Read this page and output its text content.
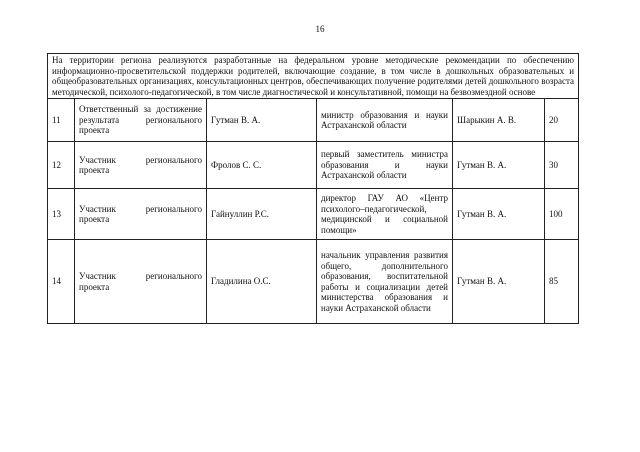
16
На территории региона реализуются разработанные на федеральном уровне методические рекомендации по обеспечению информационно-просветительской поддержки родителей, включающие создание, в том числе в дошкольных образовательных и общеобразовательных организациях, консультационных центров, обеспечивающих получение родителями детей дошкольного возраста методической, психолого-педагогической, в том числе диагностической и консультативной, помощи на безвозмездной основе					
11	Ответственный за достижение результата регионального проекта	Гутман В. А.	министр образования и науки Астраханской области	Шарыкин А. В.	20
12	Участник регионального проекта	Фролов С. С.	первый заместитель министра образования и науки Астраханской области	Гутман В. А.	30
13	Участник регионального проекта	Гайнуллин Р.С.	директор ГАУ АО «Центр психолого–педагогической, медицинской и социальной помощи»	Гутман В. А.	100
14	Участник регионального проекта	Гладилина О.С.	начальник управления развития общего, дополнительного образования, воспитательной работы и социализации детей министерства образования и науки Астраханской области	Гутман В. А.	85
